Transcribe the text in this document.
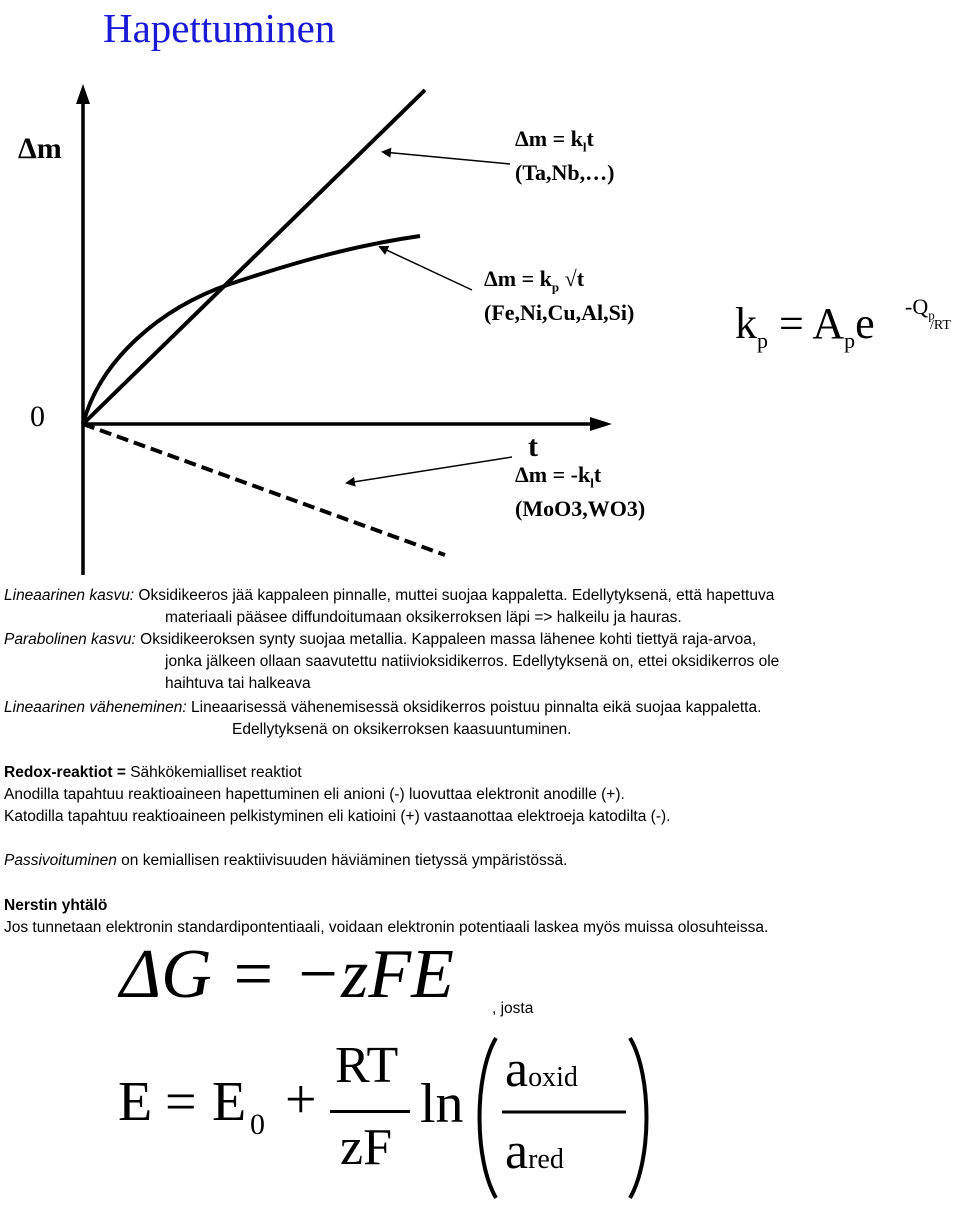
Hapettuminen
Δm
0
t
$\Delta m = k_lt$
(Ta,Nb,…)
$\Delta m = k_p$ √t
(Fe,Ni,Cu,Al,Si)
$\Delta m = -k_lt$
(MoO3,WO3)
$k_p = A_pe$ $-Q_p$
/RT
Lineaarinen kasvu: Oksidikeeros jää kappaleen pinnalle, muttei suojaa kappaletta. Edellytyksenä, että hapettuva
materiaali pääsee diffundoitumaan oksikerroksen läpi => halkeilu ja hauras.
Parabolinen kasvu: Oksidikeeroksen synty suojaa metallia. Kappaleen massa lähenee kohti tiettyä raja-arvoa,
jonka jälkeen ollaan saavutettu natiivioksidikerros. Edellytyksenä on, ettei oksidikerros ole
haihtuva tai halkeava
Lineaarinen väheneminen: Lineaarisessä vähenemisessä oksidikerros poistuu pinnalta eikä suojaa kappaletta.
Edellytyksenä on oksikerroksen kaasuuntuminen.
Redox-reaktiot = Sähkökemialliset reaktiot
Anodilla tapahtuu reaktioaineen hapettuminen eli anioni (-) luovuttaa elektronit anodille (+).
Katodilla tapahtuu reaktioaineen pelkistyminen eli katioini (+) vastaanottaa elektroeja katodilta (-).
Passivoituminen on kemiallisen reaktiivisuuden häviäminen tietyssä ympäristössä.
Nerstin yhtälö
Jos tunnetaan elektronin standardipontentiaali, voidaan elektronin potentiaali laskea myös muissa olosuhteissa.
ΔG = −zFE , josta
E = E 0 +
RT
zF
ln
aoxid
ared
